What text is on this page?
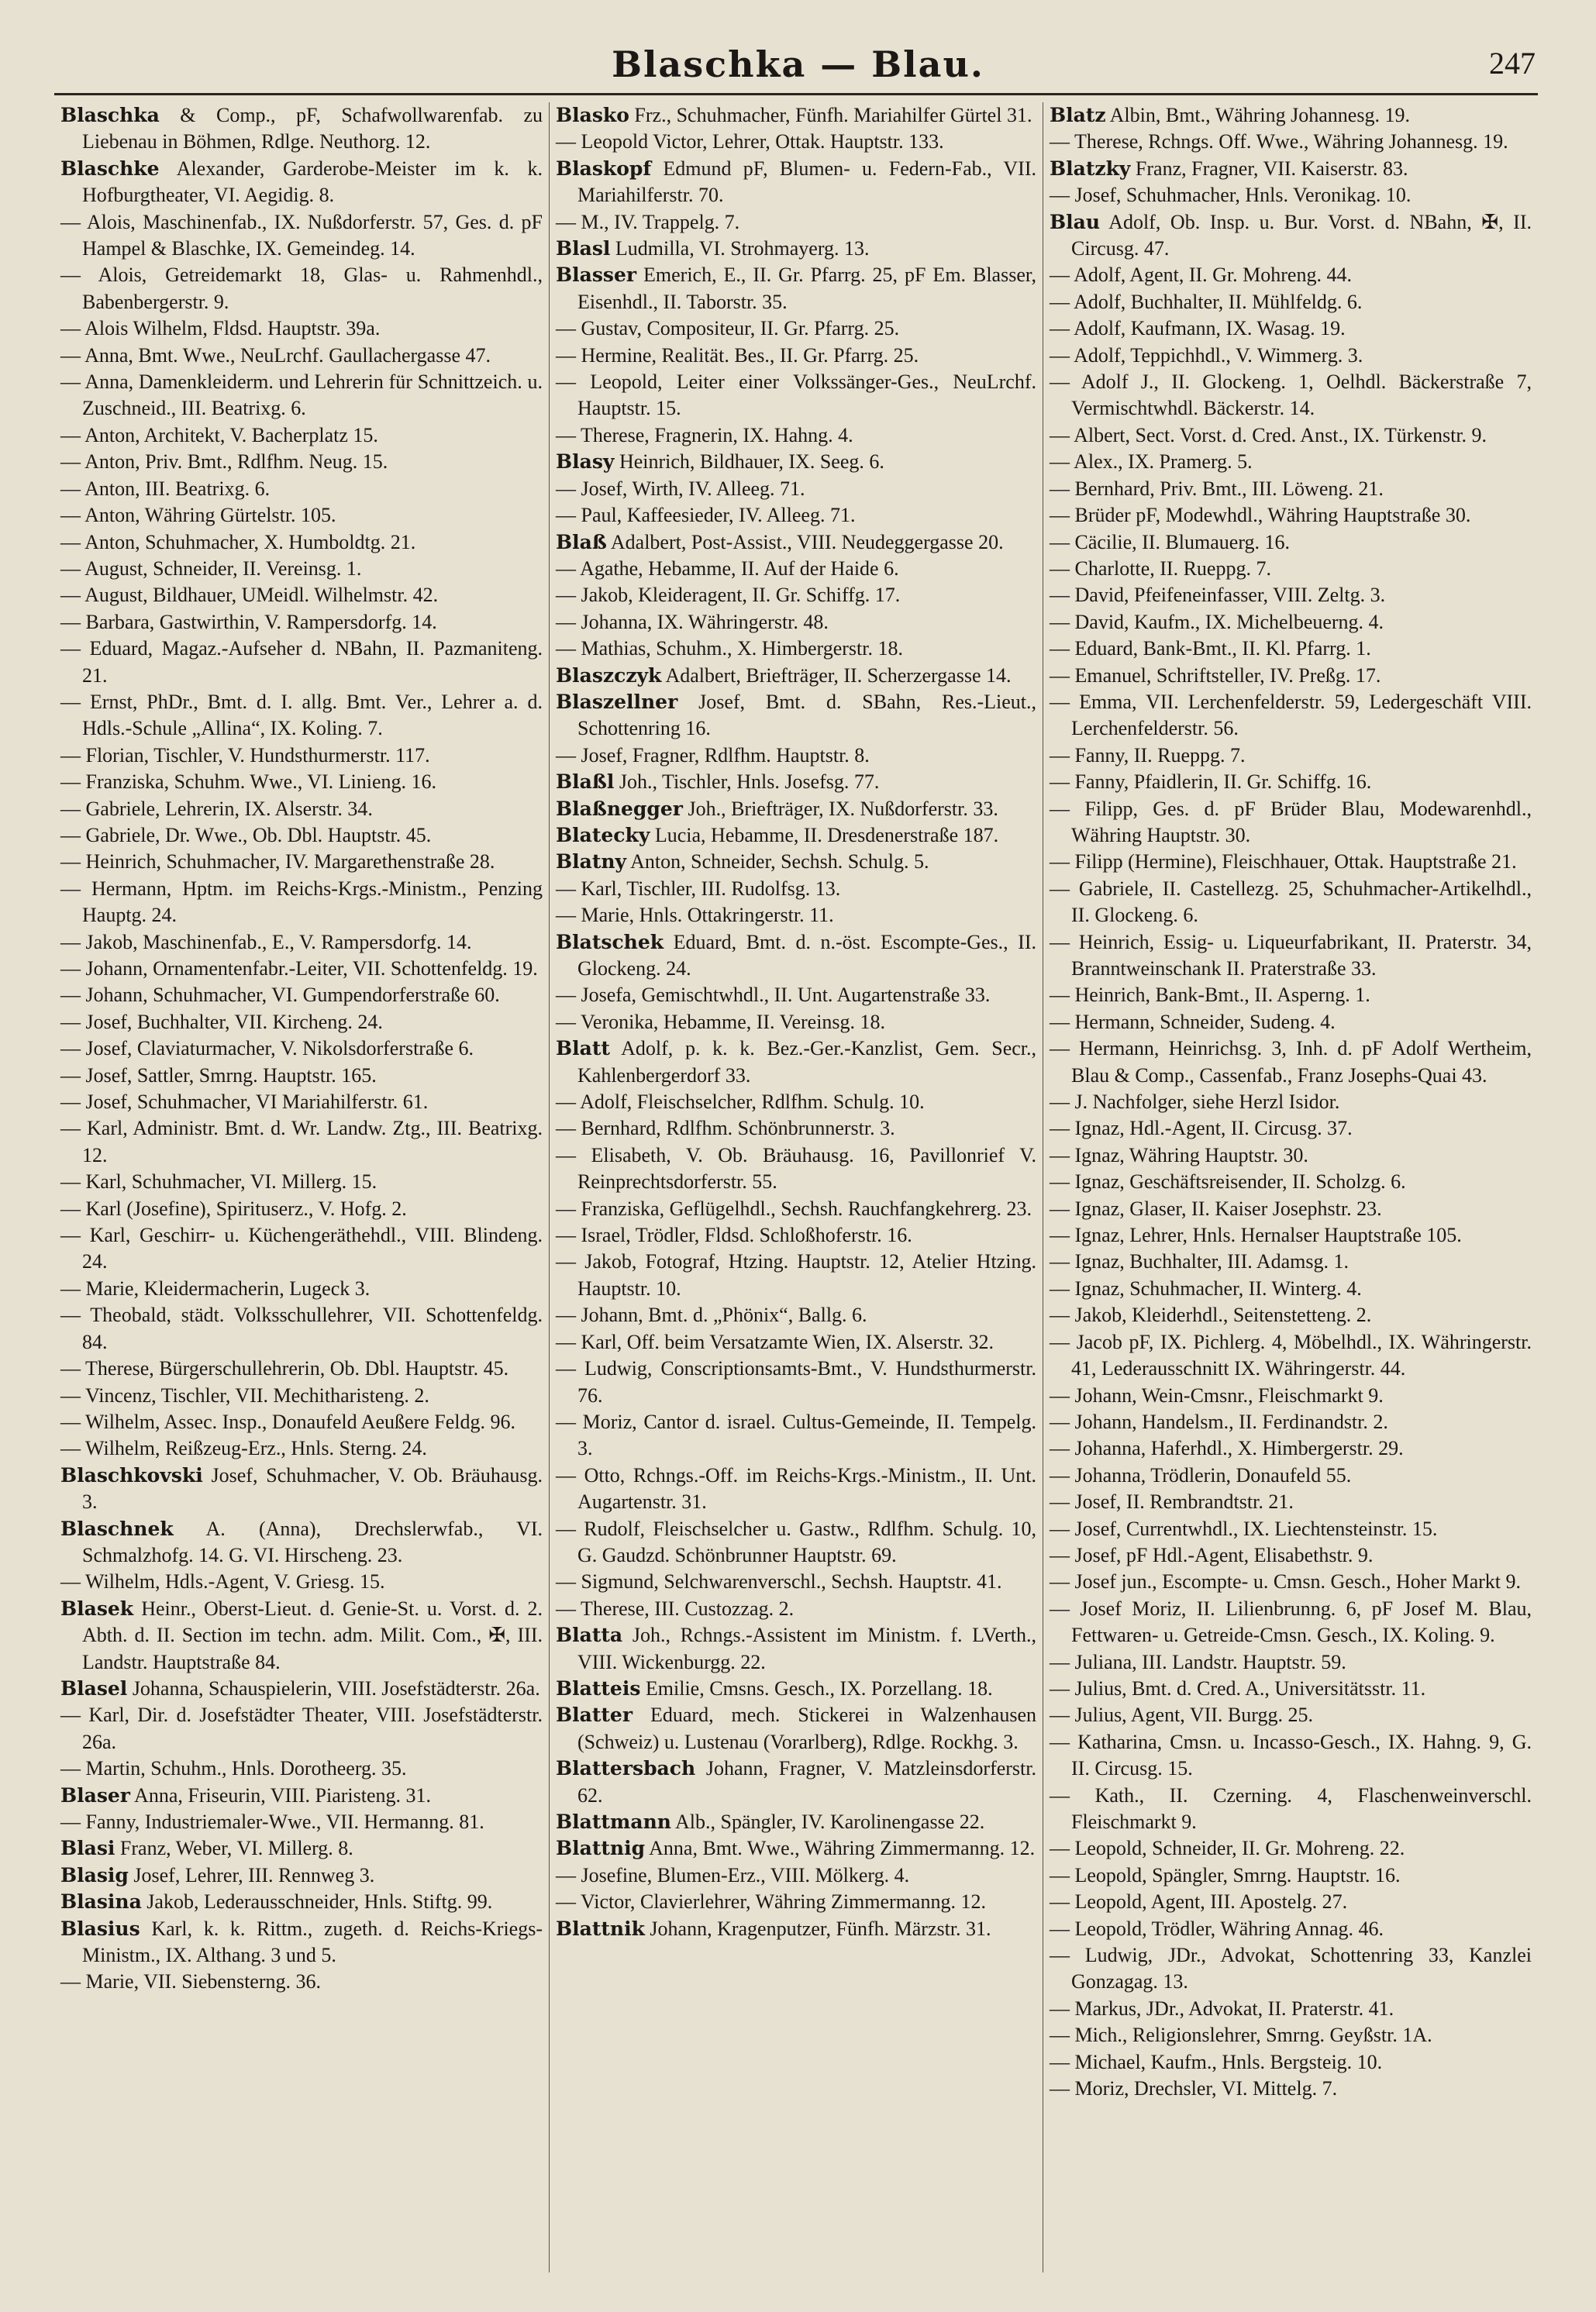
Blaschka — Blau.	247
Blaschka & Comp., pF, Schafwollwarenfab. zu Liebenau in Böhmen, Rdlge. Neuthorg. 12.
Blaschke Alexander, Garderobe-Meister im k. k. Hofburgtheater, VI. Aegidig. 8.
— Alois, Maschinenfab., IX. Nußdorferstr. 57, Ges. d. pF Hampel & Blaschke, IX. Gemeindeg. 14.
— Alois, Getreidemarkt 18, Glas- u. Rahmenhdl., Babenbergerstr. 9.
— Alois Wilhelm, Fldsd. Hauptstr. 39a.
— Anna, Bmt. Wwe., NeuLrchf. Gaullachergasse 47.
— Anna, Damenkleiderm. und Lehrerin für Schnittzeich. u. Zuschneid., III. Beatrixg. 6.
— Anton, Architekt, V. Bacherplatz 15.
— Anton, Priv. Bmt., Rdlfhm. Neug. 15.
— Anton, III. Beatrixg. 6.
— Anton, Währing Gürtelstr. 105.
— Anton, Schuhmacher, X. Humboldtg. 21.
— August, Schneider, II. Vereinsg. 1.
— August, Bildhauer, UMeidl. Wilhelmstr. 42.
— Barbara, Gastwirthin, V. Rampersdorfg. 14.
— Eduard, Magaz.-Aufseher d. NBahn, II. Pazmaniteng. 21.
— Ernst, PhDr., Bmt. d. I. allg. Bmt. Ver., Lehrer a. d. Hdls.-Schule „Allina“, IX. Koling. 7.
— Florian, Tischler, V. Hundsthurmerstr. 117.
— Franziska, Schuhm. Wwe., VI. Linieng. 16.
— Gabriele, Lehrerin, IX. Alserstr. 34.
— Gabriele, Dr. Wwe., Ob. Dbl. Hauptstr. 45.
— Heinrich, Schuhmacher, IV. Margarethenstraße 28.
— Hermann, Hptm. im Reichs-Krgs.-Ministm., Penzing Hauptg. 24.
— Jakob, Maschinenfab., E., V. Rampersdorfg. 14.
— Johann, Ornamentenfabr.-Leiter, VII. Schottenfeldg. 19.
— Johann, Schuhmacher, VI. Gumpendorferstraße 60.
— Josef, Buchhalter, VII. Kircheng. 24.
— Josef, Claviaturmacher, V. Nikolsdorferstraße 6.
— Josef, Sattler, Smrng. Hauptstr. 165.
— Josef, Schuhmacher, VI Mariahilferstr. 61.
— Karl, Administr. Bmt. d. Wr. Landw. Ztg., III. Beatrixg. 12.
— Karl, Schuhmacher, VI. Millerg. 15.
— Karl (Josefine), Spirituserz., V. Hofg. 2.
— Karl, Geschirr- u. Küchengeräthehdl., VIII. Blindeng. 24.
— Marie, Kleidermacherin, Lugeck 3.
— Theobald, städt. Volksschullehrer, VII. Schottenfeldg. 84.
— Therese, Bürgerschullehrerin, Ob. Dbl. Hauptstr. 45.
— Vincenz, Tischler, VII. Mechitharisteng. 2.
— Wilhelm, Assec. Insp., Donaufeld Aeußere Feldg. 96.
— Wilhelm, Reißzeug-Erz., Hnls. Sterng. 24.
Blaschkovski Josef, Schuhmacher, V. Ob. Bräuhausg. 3.
Blaschnek A. (Anna), Drechslerwfab., VI. Schmalzhofg. 14. G. VI. Hirscheng. 23.
— Wilhelm, Hdls.-Agent, V. Griesg. 15.
Blasek Heinr., Oberst-Lieut. d. Genie-St. u. Vorst. d. 2. Abth. d. II. Section im techn. adm. Milit. Com., ✠, III. Landstr. Hauptstraße 84.
Blasel Johanna, Schauspielerin, VIII. Josefstädterstr. 26a.
— Karl, Dir. d. Josefstädter Theater, VIII. Josefstädterstr. 26a.
— Martin, Schuhm., Hnls. Dorotheerg. 35.
Blaser Anna, Friseurin, VIII. Piaristeng. 31.
— Fanny, Industriemaler-Wwe., VII. Hermanng. 81.
Blasi Franz, Weber, VI. Millerg. 8.
Blasig Josef, Lehrer, III. Rennweg 3.
Blasina Jakob, Lederausschneider, Hnls. Stiftg. 99.
Blasius Karl, k. k. Rittm., zugeth. d. Reichs-Kriegs-Ministm., IX. Althang. 3 und 5.
— Marie, VII. Siebensterng. 36.
Blasko Frz., Schuhmacher, Fünfh. Mariahilfer Gürtel 31.
— Leopold Victor, Lehrer, Ottak. Hauptstr. 133.
Blaskopf Edmund pF, Blumen- u. Federn-Fab., VII. Mariahilferstr. 70.
— M., IV. Trappelg. 7.
Blasl Ludmilla, VI. Strohmayerg. 13.
Blasser Emerich, E., II. Gr. Pfarrg. 25, pF Em. Blasser, Eisenhdl., II. Taborstr. 35.
— Gustav, Compositeur, II. Gr. Pfarrg. 25.
— Hermine, Realität. Bes., II. Gr. Pfarrg. 25.
— Leopold, Leiter einer Volkssänger-Ges., NeuLrchf. Hauptstr. 15.
— Therese, Fragnerin, IX. Hahng. 4.
Blasy Heinrich, Bildhauer, IX. Seeg. 6.
— Josef, Wirth, IV. Alleeg. 71.
— Paul, Kaffeesieder, IV. Alleeg. 71.
Blaß Adalbert, Post-Assist., VIII. Neudeggergasse 20.
— Agathe, Hebamme, II. Auf der Haide 6.
— Jakob, Kleideragent, II. Gr. Schiffg. 17.
— Johanna, IX. Währingerstr. 48.
— Mathias, Schuhm., X. Himbergerstr. 18.
Blaszczyk Adalbert, Briefträger, II. Scherzergasse 14.
Blaszellner Josef, Bmt. d. SBahn, Res.-Lieut., Schottenring 16.
— Josef, Fragner, Rdlfhm. Hauptstr. 8.
Blaßl Joh., Tischler, Hnls. Josefsg. 77.
Blaßnegger Joh., Briefträger, IX. Nußdorferstr. 33.
Blatecky Lucia, Hebamme, II. Dresdenerstraße 187.
Blatny Anton, Schneider, Sechsh. Schulg. 5.
— Karl, Tischler, III. Rudolfsg. 13.
— Marie, Hnls. Ottakringerstr. 11.
Blatschek Eduard, Bmt. d. n.-öst. Escompte-Ges., II. Glockeng. 24.
— Josefa, Gemischtwhdl., II. Unt. Augartenstraße 33.
— Veronika, Hebamme, II. Vereinsg. 18.
Blatt Adolf, p. k. k. Bez.-Ger.-Kanzlist, Gem. Secr., Kahlenbergerdorf 33.
— Adolf, Fleischselcher, Rdlfhm. Schulg. 10.
— Bernhard, Rdlfhm. Schönbrunnerstr. 3.
— Elisabeth, V. Ob. Bräuhausg. 16, Pavillonrief V. Reinprechtsdorferstr. 55.
— Franziska, Geflügelhdl., Sechsh. Rauchfangkehrerg. 23.
— Israel, Trödler, Fldsd. Schloßhoferstr. 16.
— Jakob, Fotograf, Htzing. Hauptstr. 12, Atelier Htzing. Hauptstr. 10.
— Johann, Bmt. d. „Phönix“, Ballg. 6.
— Karl, Off. beim Versatzamte Wien, IX. Alserstr. 32.
— Ludwig, Conscriptionsamts-Bmt., V. Hundsthurmerstr. 76.
— Moriz, Cantor d. israel. Cultus-Gemeinde, II. Tempelg. 3.
— Otto, Rchngs.-Off. im Reichs-Krgs.-Ministm., II. Unt. Augartenstr. 31.
— Rudolf, Fleischselcher u. Gastw., Rdlfhm. Schulg. 10, G. Gaudzd. Schönbrunner Hauptstr. 69.
— Sigmund, Selchwarenverschl., Sechsh. Hauptstr. 41.
— Therese, III. Custozzag. 2.
Blatta Joh., Rchngs.-Assistent im Ministm. f. LVerth., VIII. Wickenburgg. 22.
Blatteis Emilie, Cmsns. Gesch., IX. Porzellang. 18.
Blatter Eduard, mech. Stickerei in Walzenhausen (Schweiz) u. Lustenau (Vorarlberg), Rdlge. Rockhg. 3.
Blattersbach Johann, Fragner, V. Matzleinsdorferstr. 62.
Blattmann Alb., Spängler, IV. Karolinengasse 22.
Blattnig Anna, Bmt. Wwe., Währing Zimmermanng. 12.
— Josefine, Blumen-Erz., VIII. Mölkerg. 4.
— Victor, Clavierlehrer, Währing Zimmermanng. 12.
Blattnik Johann, Kragenputzer, Fünfh. Märzstr. 31.
Blatz Albin, Bmt., Währing Johannesg. 19.
— Therese, Rchngs. Off. Wwe., Währing Johannesg. 19.
Blatzky Franz, Fragner, VII. Kaiserstr. 83.
— Josef, Schuhmacher, Hnls. Veronikag. 10.
Blau Adolf, Ob. Insp. u. Bur. Vorst. d. NBahn, ✠, II. Circusg. 47.
— Adolf, Agent, II. Gr. Mohreng. 44.
— Adolf, Buchhalter, II. Mühlfeldg. 6.
— Adolf, Kaufmann, IX. Wasag. 19.
— Adolf, Teppichhdl., V. Wimmerg. 3.
— Adolf J., II. Glockeng. 1, Oelhdl. Bäckerstraße 7, Vermischtwhdl. Bäckerstr. 14.
— Albert, Sect. Vorst. d. Cred. Anst., IX. Türkenstr. 9.
— Alex., IX. Pramerg. 5.
— Bernhard, Priv. Bmt., III. Löweng. 21.
— Brüder pF, Modewhdl., Währing Hauptstraße 30.
— Cäcilie, II. Blumauerg. 16.
— Charlotte, II. Rueppg. 7.
— David, Pfeifeneinfasser, VIII. Zeltg. 3.
— David, Kaufm., IX. Michelbeuerng. 4.
— Eduard, Bank-Bmt., II. Kl. Pfarrg. 1.
— Emanuel, Schriftsteller, IV. Preßg. 17.
— Emma, VII. Lerchenfelderstr. 59, Ledergeschäft VIII. Lerchenfelderstr. 56.
— Fanny, II. Rueppg. 7.
— Fanny, Pfaidlerin, II. Gr. Schiffg. 16.
— Filipp, Ges. d. pF Brüder Blau, Modewarenhdl., Währing Hauptstr. 30.
— Filipp (Hermine), Fleischhauer, Ottak. Hauptstraße 21.
— Gabriele, II. Castellezg. 25, Schuhmacher-Artikelhdl., II. Glockeng. 6.
— Heinrich, Essig- u. Liqueurfabrikant, II. Praterstr. 34, Branntweinschank II. Praterstraße 33.
— Heinrich, Bank-Bmt., II. Asperng. 1.
— Hermann, Schneider, Sudeng. 4.
— Hermann, Heinrichsg. 3, Inh. d. pF Adolf Wertheim, Blau & Comp., Cassenfab., Franz Josephs-Quai 43.
— J. Nachfolger, siehe Herzl Isidor.
— Ignaz, Hdl.-Agent, II. Circusg. 37.
— Ignaz, Währing Hauptstr. 30.
— Ignaz, Geschäftsreisender, II. Scholzg. 6.
— Ignaz, Glaser, II. Kaiser Josephstr. 23.
— Ignaz, Lehrer, Hnls. Hernalser Hauptstraße 105.
— Ignaz, Buchhalter, III. Adamsg. 1.
— Ignaz, Schuhmacher, II. Winterg. 4.
— Jakob, Kleiderhdl., Seitenstetteng. 2.
— Jacob pF, IX. Pichlerg. 4, Möbelhdl., IX. Währingerstr. 41, Lederausschnitt IX. Währingerstr. 44.
— Johann, Wein-Cmsnr., Fleischmarkt 9.
— Johann, Handelsm., II. Ferdinandstr. 2.
— Johanna, Haferhdl., X. Himbergerstr. 29.
— Johanna, Trödlerin, Donaufeld 55.
— Josef, II. Rembrandtstr. 21.
— Josef, Currentwhdl., IX. Liechtensteinstr. 15.
— Josef, pF Hdl.-Agent, Elisabethstr. 9.
— Josef jun., Escompte- u. Cmsn. Gesch., Hoher Markt 9.
— Josef Moriz, II. Lilienbrunng. 6, pF Josef M. Blau, Fettwaren- u. Getreide-Cmsn. Gesch., IX. Koling. 9.
— Juliana, III. Landstr. Hauptstr. 59.
— Julius, Bmt. d. Cred. A., Universitätsstr. 11.
— Julius, Agent, VII. Burgg. 25.
— Katharina, Cmsn. u. Incasso-Gesch., IX. Hahng. 9, G. II. Circusg. 15.
— Kath., II. Czerning. 4, Flaschenweinverschl. Fleischmarkt 9.
— Leopold, Schneider, II. Gr. Mohreng. 22.
— Leopold, Spängler, Smrng. Hauptstr. 16.
— Leopold, Agent, III. Apostelg. 27.
— Leopold, Trödler, Währing Annag. 46.
— Ludwig, JDr., Advokat, Schottenring 33, Kanzlei Gonzagag. 13.
— Markus, JDr., Advokat, II. Praterstr. 41.
— Mich., Religionslehrer, Smrng. Geyßstr. 1A.
— Michael, Kaufm., Hnls. Bergsteig. 10.
— Moriz, Drechsler, VI. Mittelg. 7.
